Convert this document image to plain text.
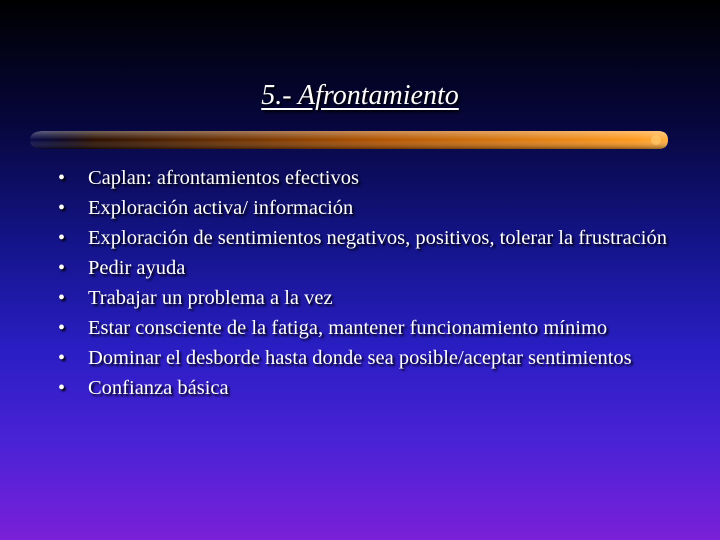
5.- Afrontamiento
• Caplan: afrontamientos efectivos
• Exploración activa/ información
• Exploración de sentimientos negativos, positivos, tolerar la frustración
• Pedir ayuda
• Trabajar un problema a la vez
• Estar consciente de la fatiga, mantener funcionamiento mínimo
• Dominar el desborde hasta donde sea posible/aceptar sentimientos
• Confianza básica
